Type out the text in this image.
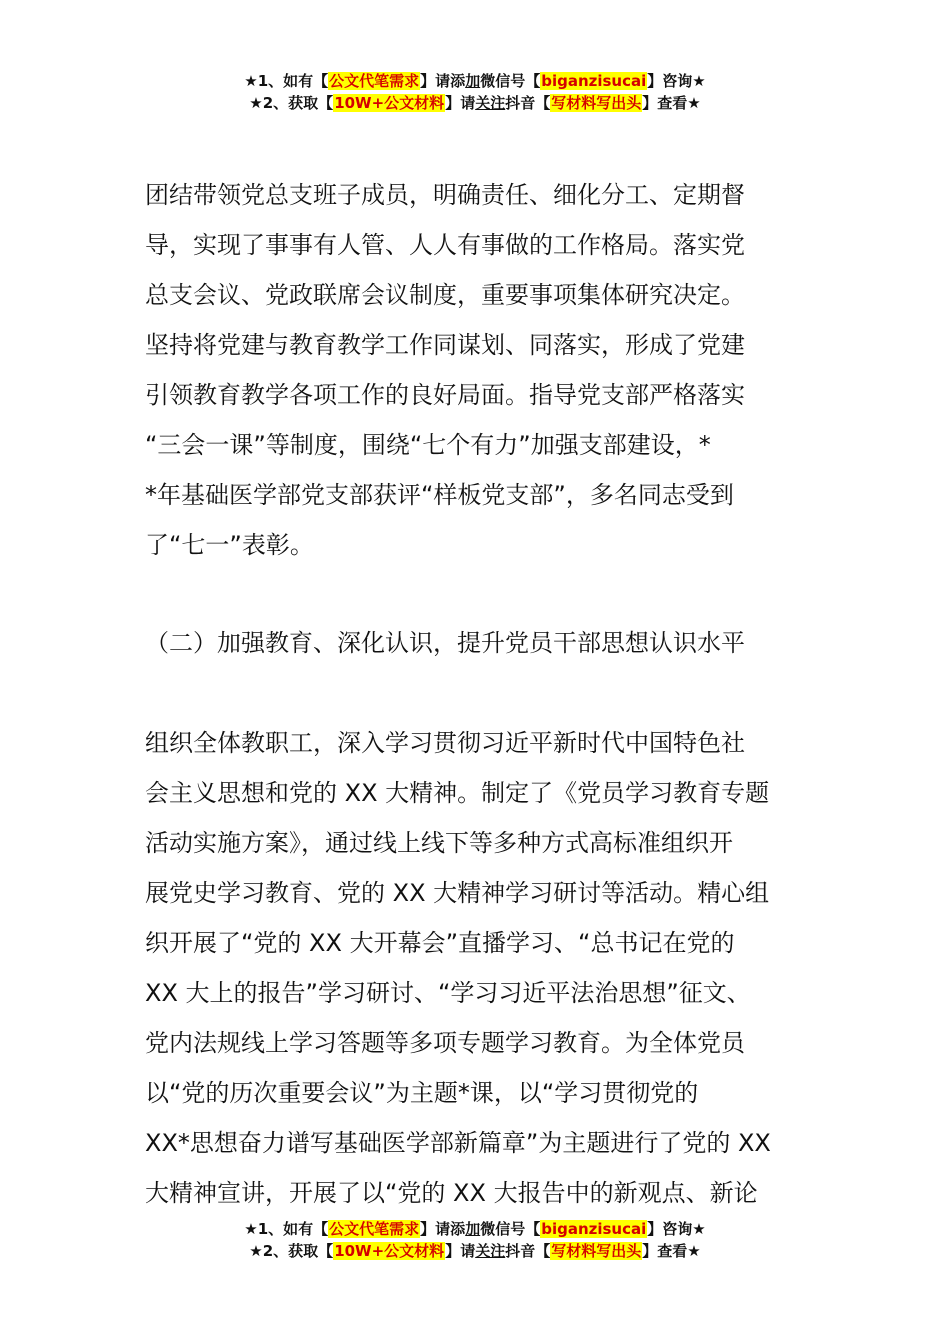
★1、如有【公文代笔需求】请添加微信号【biganzisucai】咨询★
★2、获取【10W+公文材料】请关注抖音【写材料写出头】查看★

团结带领党总支班子成员，明确责任、细化分工、定期督
导，实现了事事有人管、人人有事做的工作格局。落实党
总支会议、党政联席会议制度，重要事项集体研究决定。
坚持将党建与教育教学工作同谋划、同落实，形成了党建
引领教育教学各项工作的良好局面。指导党支部严格落实
“三会一课”等制度，围绕“七个有力”加强支部建设，*
*年基础医学部党支部获评“样板党支部”，多名同志受到
了“七一”表彰。

（二）加强教育、深化认识，提升党员干部思想认识水平

组织全体教职工，深入学习贯彻习近平新时代中国特色社
会主义思想和党的 XX 大精神。制定了《党员学习教育专题
活动实施方案》，通过线上线下等多种方式高标准组织开
展党史学习教育、党的 XX 大精神学习研讨等活动。精心组
织开展了“党的 XX 大开幕会”直播学习、“总书记在党的
XX 大上的报告”学习研讨、“学习习近平法治思想”征文、
党内法规线上学习答题等多项专题学习教育。为全体党员
以“党的历次重要会议”为主题*课，以“学习贯彻党的
XX*思想奋力谱写基础医学部新篇章”为主题进行了党的 XX
大精神宣讲，开展了以“党的 XX 大报告中的新观点、新论

★1、如有【公文代笔需求】请添加微信号【biganzisucai】咨询★
★2、获取【10W+公文材料】请关注抖音【写材料写出头】查看★
